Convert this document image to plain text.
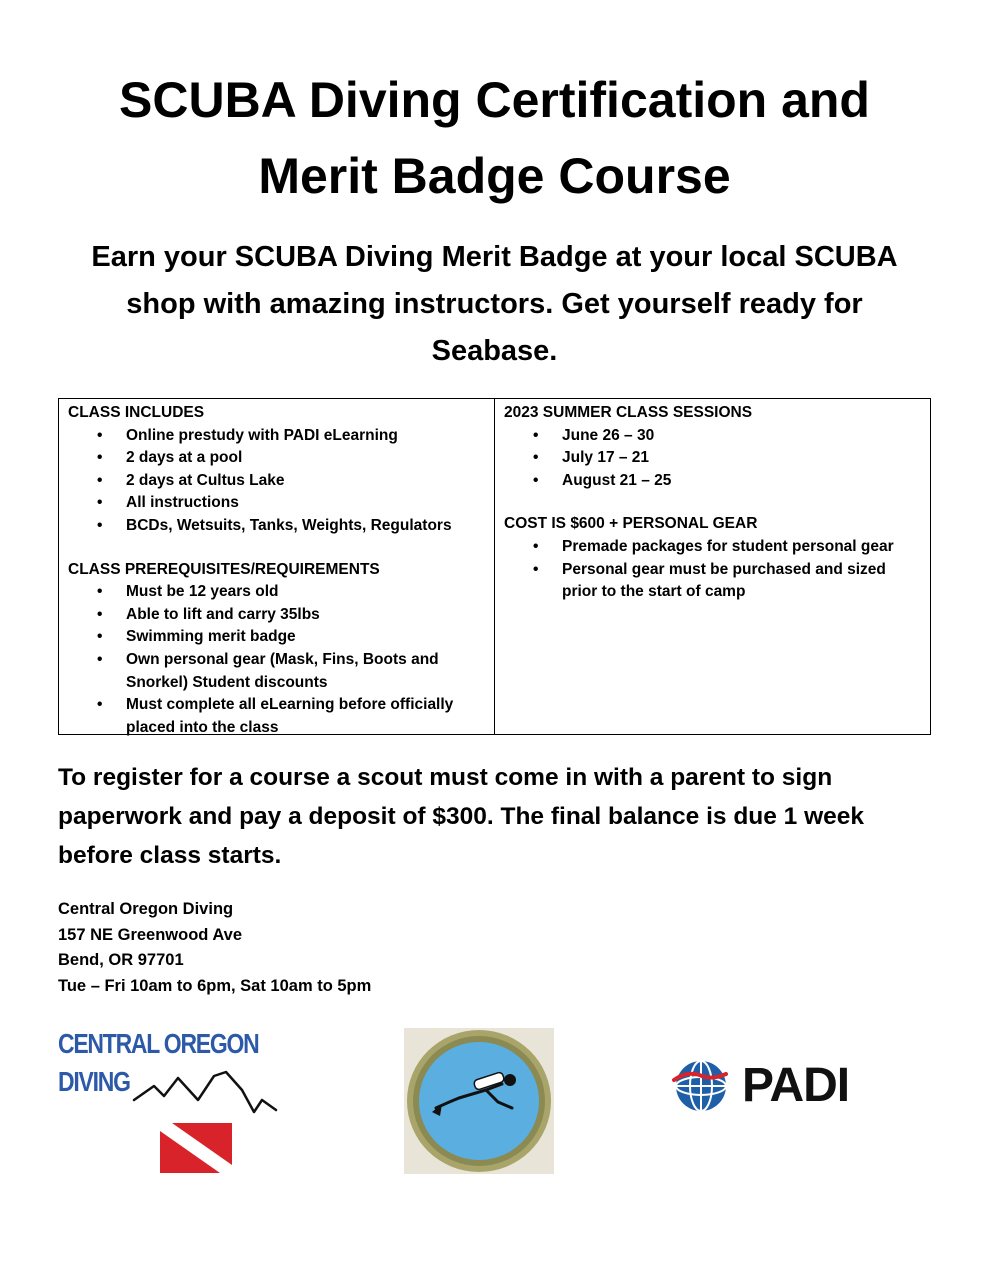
SCUBA Diving Certification and
Merit Badge Course
Earn your SCUBA Diving Merit Badge at your local SCUBA shop with amazing instructors. Get yourself ready for Seabase.
CLASS INCLUDES
• Online prestudy with PADI eLearning
• 2 days at a pool
• 2 days at Cultus Lake
• All instructions
• BCDs, Wetsuits, Tanks, Weights, Regulators
CLASS PREREQUISITES/REQUIREMENTS
• Must be 12 years old
• Able to lift and carry 35lbs
• Swimming merit badge
• Own personal gear (Mask, Fins, Boots and Snorkel) Student discounts
• Must complete all eLearning before officially placed into the class
2023 SUMMER CLASS SESSIONS
• June 26 – 30
• July 17 – 21
• August 21 – 25
COST IS $600 + PERSONAL GEAR
• Premade packages for student personal gear
• Personal gear must be purchased and sized prior to the start of camp
To register for a course a scout must come in with a parent to sign paperwork and pay a deposit of $300. The final balance is due 1 week before class starts.
Central Oregon Diving
157 NE Greenwood Ave
Bend, OR 97701
Tue – Fri 10am to 6pm, Sat 10am to 5pm
CENTRAL OREGON
DIVING	PADI
